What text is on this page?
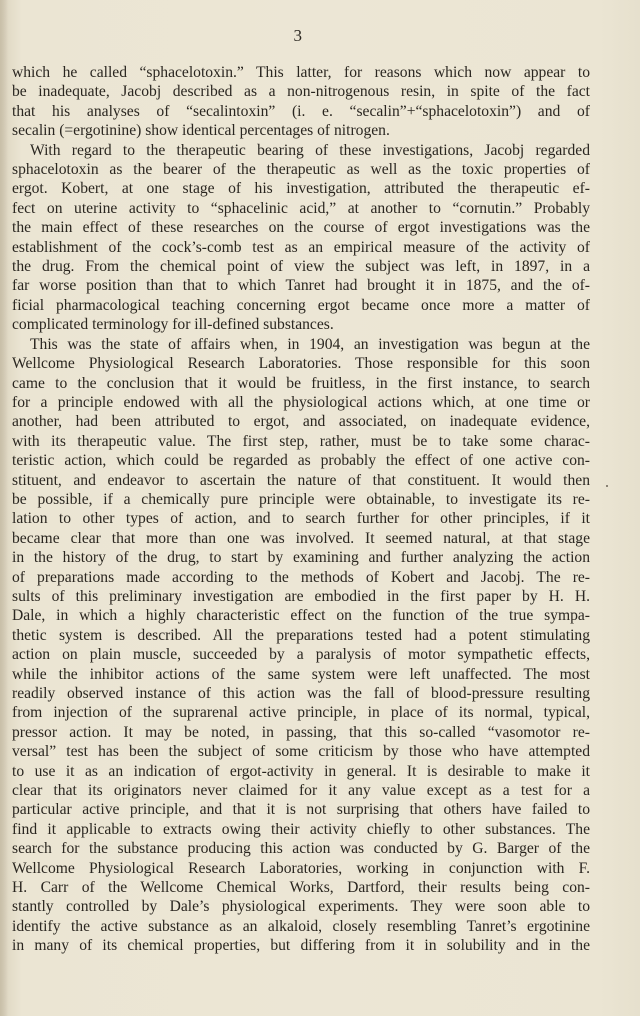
3
which he called “sphacelotoxin.” This latter, for reasons which now appear to
be inadequate, Jacobj described as a non-nitrogenous resin, in spite of the fact
that his analyses of “secalintoxin” (i. e. “secalin”+“sphacelotoxin”) and of
secalin (=ergotinine) show identical percentages of nitrogen.
With regard to the therapeutic bearing of these investigations, Jacobj regarded
sphacelotoxin as the bearer of the therapeutic as well as the toxic properties of
ergot. Kobert, at one stage of his investigation, attributed the therapeutic ef-
fect on uterine activity to “sphacelinic acid,” at another to “cornutin.” Probably
the main effect of these researches on the course of ergot investigations was the
establishment of the cock’s-comb test as an empirical measure of the activity of
the drug. From the chemical point of view the subject was left, in 1897, in a
far worse position than that to which Tanret had brought it in 1875, and the of-
ficial pharmacological teaching concerning ergot became once more a matter of
complicated terminology for ill-defined substances.
This was the state of affairs when, in 1904, an investigation was begun at the
Wellcome Physiological Research Laboratories. Those responsible for this soon
came to the conclusion that it would be fruitless, in the first instance, to search
for a principle endowed with all the physiological actions which, at one time or
another, had been attributed to ergot, and associated, on inadequate evidence,
with its therapeutic value. The first step, rather, must be to take some charac-
teristic action, which could be regarded as probably the effect of one active con-
stituent, and endeavor to ascertain the nature of that constituent. It would then
be possible, if a chemically pure principle were obtainable, to investigate its re-
lation to other types of action, and to search further for other principles, if it
became clear that more than one was involved. It seemed natural, at that stage
in the history of the drug, to start by examining and further analyzing the action
of preparations made according to the methods of Kobert and Jacobj. The re-
sults of this preliminary investigation are embodied in the first paper by H. H.
Dale, in which a highly characteristic effect on the function of the true sympa-
thetic system is described. All the preparations tested had a potent stimulating
action on plain muscle, succeeded by a paralysis of motor sympathetic effects,
while the inhibitor actions of the same system were left unaffected. The most
readily observed instance of this action was the fall of blood-pressure resulting
from injection of the suprarenal active principle, in place of its normal, typical,
pressor action. It may be noted, in passing, that this so-called “vasomotor re-
versal” test has been the subject of some criticism by those who have attempted
to use it as an indication of ergot-activity in general. It is desirable to make it
clear that its originators never claimed for it any value except as a test for a
particular active principle, and that it is not surprising that others have failed to
find it applicable to extracts owing their activity chiefly to other substances. The
search for the substance producing this action was conducted by G. Barger of the
Wellcome Physiological Research Laboratories, working in conjunction with F.
H. Carr of the Wellcome Chemical Works, Dartford, their results being con-
stantly controlled by Dale’s physiological experiments. They were soon able to
identify the active substance as an alkaloid, closely resembling Tanret’s ergotinine
in many of its chemical properties, but differing from it in solubility and in the
